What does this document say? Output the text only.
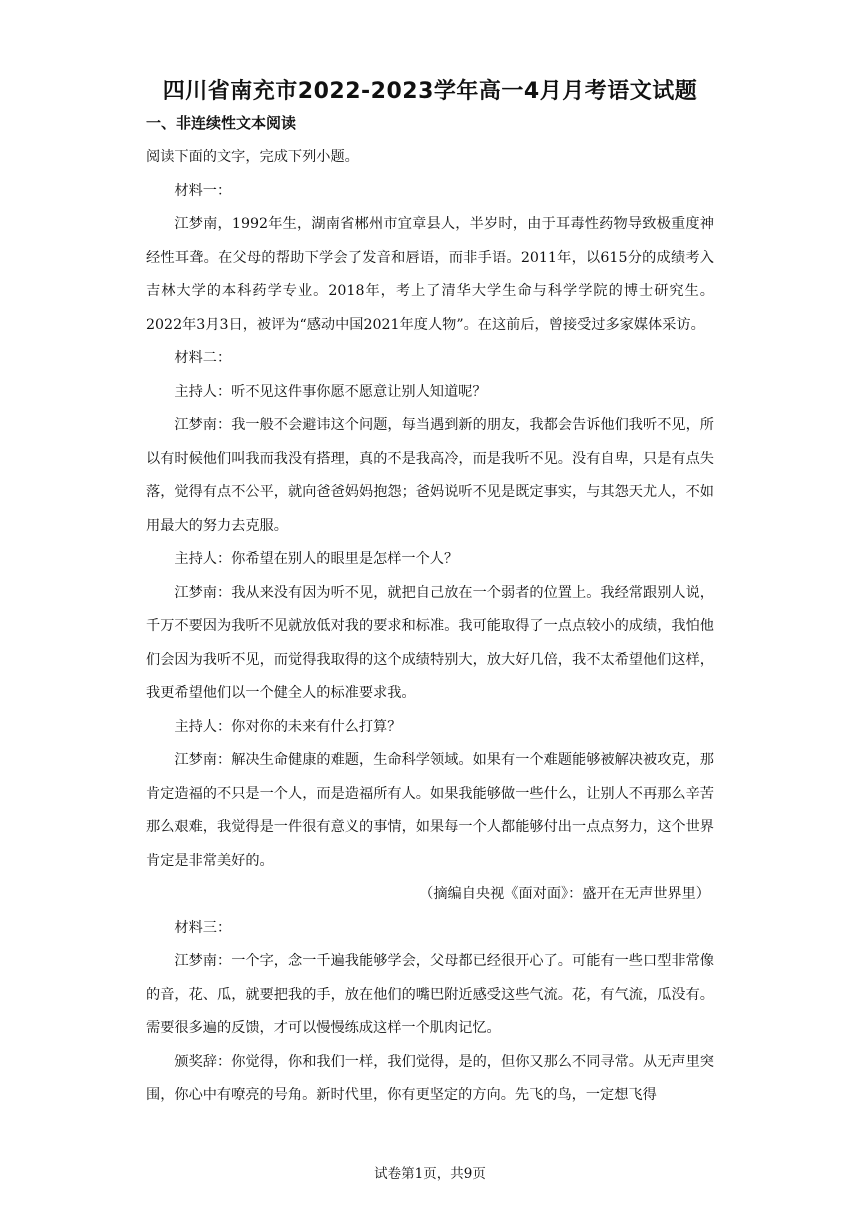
四川省南充市2022-2023学年高一4月月考语文试题
一、非连续性文本阅读

阅读下面的文字，完成下列小题。

材料一：

江梦南，1992年生，湖南省郴州市宜章县人，半岁时，由于耳毒性药物导致极重度神经性耳聋。在父母的帮助下学会了发音和唇语，而非手语。2011年，以615分的成绩考入吉林大学的本科药学专业。2018年，考上了清华大学生命与科学学院的博士研究生。2022年3月3日，被评为“感动中国2021年度人物”。在这前后，曾接受过多家媒体采访。

材料二：

主持人：听不见这件事你愿不愿意让别人知道呢？

江梦南：我一般不会避讳这个问题，每当遇到新的朋友，我都会告诉他们我听不见，所以有时候他们叫我而我没有搭理，真的不是我高冷，而是我听不见。没有自卑，只是有点失落，觉得有点不公平，就向爸爸妈妈抱怨；爸妈说听不见是既定事实，与其怨天尤人，不如用最大的努力去克服。

主持人：你希望在别人的眼里是怎样一个人？

江梦南：我从来没有因为听不见，就把自己放在一个弱者的位置上。我经常跟别人说，千万不要因为我听不见就放低对我的要求和标准。我可能取得了一点点较小的成绩，我怕他们会因为我听不见，而觉得我取得的这个成绩特别大，放大好几倍，我不太希望他们这样，我更希望他们以一个健全人的标准要求我。

主持人：你对你的未来有什么打算？

江梦南：解决生命健康的难题，生命科学领域。如果有一个难题能够被解决被攻克，那肯定造福的不只是一个人，而是造福所有人。如果我能够做一些什么，让别人不再那么辛苦那么艰难，我觉得是一件很有意义的事情，如果每一个人都能够付出一点点努力，这个世界肯定是非常美好的。

（摘编自央视《面对面》：盛开在无声世界里）

材料三：

江梦南：一个字，念一千遍我能够学会，父母都已经很开心了。可能有一些口型非常像的音，花、瓜，就要把我的手，放在他们的嘴巴附近感受这些气流。花，有气流，瓜没有。需要很多遍的反馈，才可以慢慢练成这样一个肌肉记忆。

颁奖辞：你觉得，你和我们一样，我们觉得，是的，但你又那么不同寻常。从无声里突围，你心中有嘹亮的号角。新时代里，你有更坚定的方向。先飞的鸟，一定想飞得

试卷第1页，共9页
